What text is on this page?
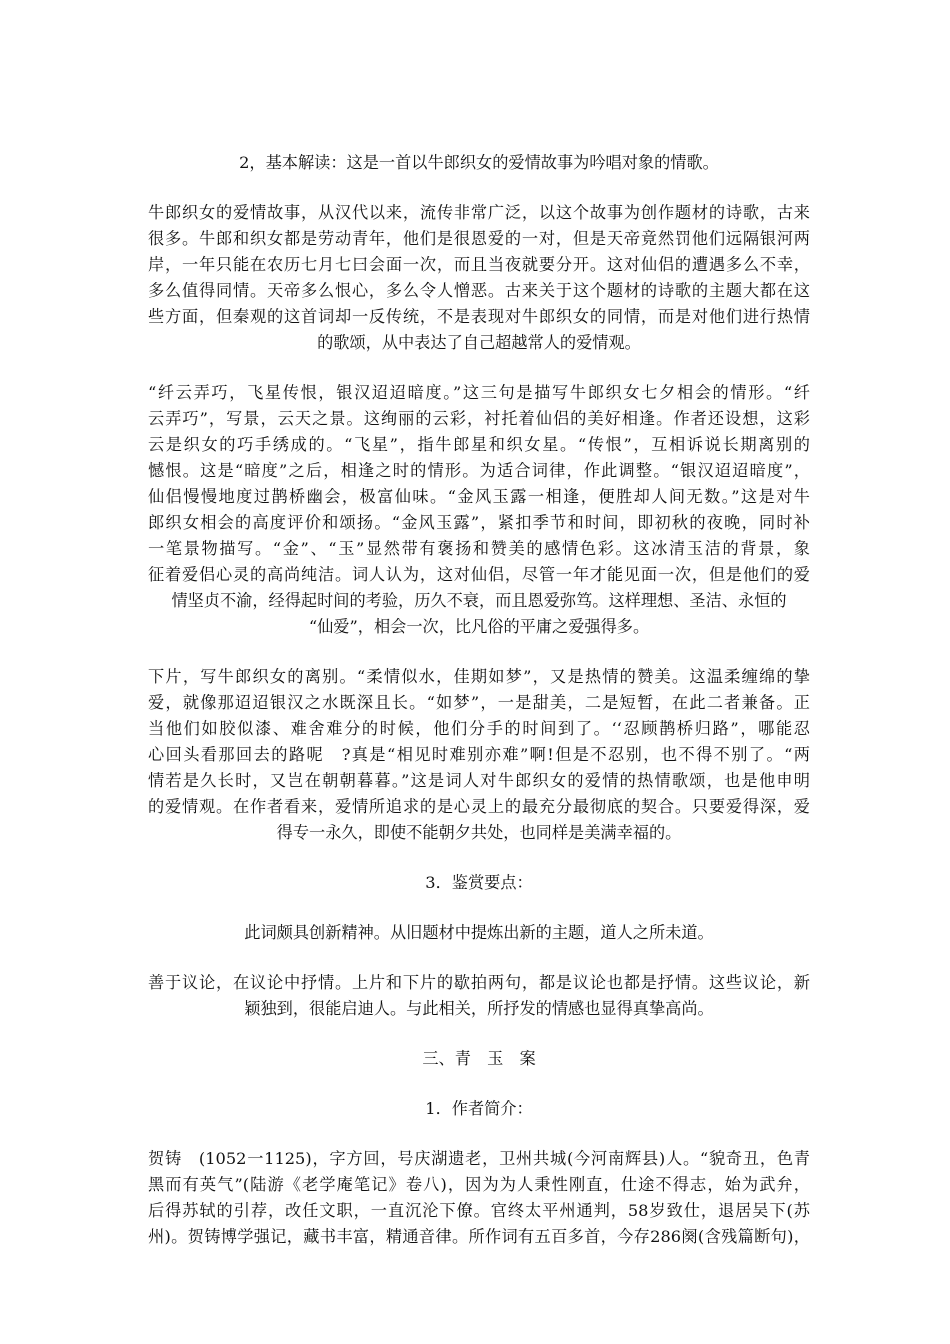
2，基本解读：这是一首以牛郎织女的爱情故事为吟唱对象的情歌。
牛郎织女的爱情故事，从汉代以来，流传非常广泛，以这个故事为创作题材的诗歌，古来
很多。牛郎和织女都是劳动青年，他们是很恩爱的一对，但是天帝竟然罚他们远隔银河两
岸，一年只能在农历七月七曰会面一次，而且当夜就要分开。这对仙侣的遭遇多么不幸，
多么值得同情。天帝多么恨心，多么令人憎恶。古来关于这个题材的诗歌的主题大都在这
些方面，但秦观的这首词却一反传统，不是表现对牛郎织女的同情，而是对他们进行热情
的歌颂，从中表达了自己超越常人的爱情观。
“纤云弄巧，飞星传恨，银汉迢迢暗度。”这三句是描写牛郎织女七夕相会的情形。“纤
云弄巧”，写景，云天之景。这绚丽的云彩，衬托着仙侣的美好相逢。作者还设想，这彩
云是织女的巧手绣成的。“飞星”，指牛郎星和织女星。“传恨”，互相诉说长期离别的
憾恨。这是“暗度”之后，相逢之时的情形。为适合词律，作此调整。“银汉迢迢暗度”，
仙侣慢慢地度过鹊桥幽会，极富仙味。“金风玉露一相逢，便胜却人间无数。”这是对牛
郎织女相会的高度评价和颂扬。“金风玉露”，紧扣季节和时间，即初秋的夜晚，同时补
一笔景物描写。“金”、“玉”显然带有褒扬和赞美的感情色彩。这冰清玉洁的背景，象
征着爱侣心灵的高尚纯洁。词人认为，这对仙侣，尽管一年才能见面一次，但是他们的爱
情坚贞不渝，经得起时间的考验，历久不衰，而且恩爱弥笃。这样理想、圣洁、永恒的
“仙爱”，相会一次，比凡俗的平庸之爱强得多。
下片，写牛郎织女的离别。“柔情似水，佳期如梦”，又是热情的赞美。这温柔缠绵的挚
爱，就像那迢迢银汉之水既深且长。“如梦”，一是甜美，二是短暂，在此二者兼备。正
当他们如胶似漆、难舍难分的时候，他们分手的时间到了。‘‘忍顾鹊桥归路”，哪能忍
心回头看那回去的路呢　?真是“相见时难别亦难”啊!但是不忍别，也不得不别了。“两
情若是久长时，又岂在朝朝暮暮。”这是词人对牛郎织女的爱情的热情歌颂，也是他申明
的爱情观。在作者看来，爱情所追求的是心灵上的最充分最彻底的契合。只要爱得深，爱
得专一永久，即使不能朝夕共处，也同样是美满幸福的。
3．鉴赏要点：
此词颇具创新精神。从旧题材中提炼出新的主题，道人之所未道。
善于议论，在议论中抒情。上片和下片的歇拍两句，都是议论也都是抒情。这些议论，新
颖独到，很能启迪人。与此相关，所抒发的情感也显得真挚高尚。
三、青　玉　案
1．作者简介：
贺铸　(1052一1125)，字方回，号庆湖遗老，卫州共城(今河南辉县)人。“貌奇丑，色青
黑而有英气”(陆游《老学庵笔记》卷八)，因为为人秉性刚直，仕途不得志，始为武弁，
后得苏轼的引荐，改任文职，一直沉沦下僚。官终太平州通判，58岁致仕，退居吴下(苏
州)。贺铸博学强记，藏书丰富，精通音律。所作词有五百多首，今存286阕(含残篇断句)，
